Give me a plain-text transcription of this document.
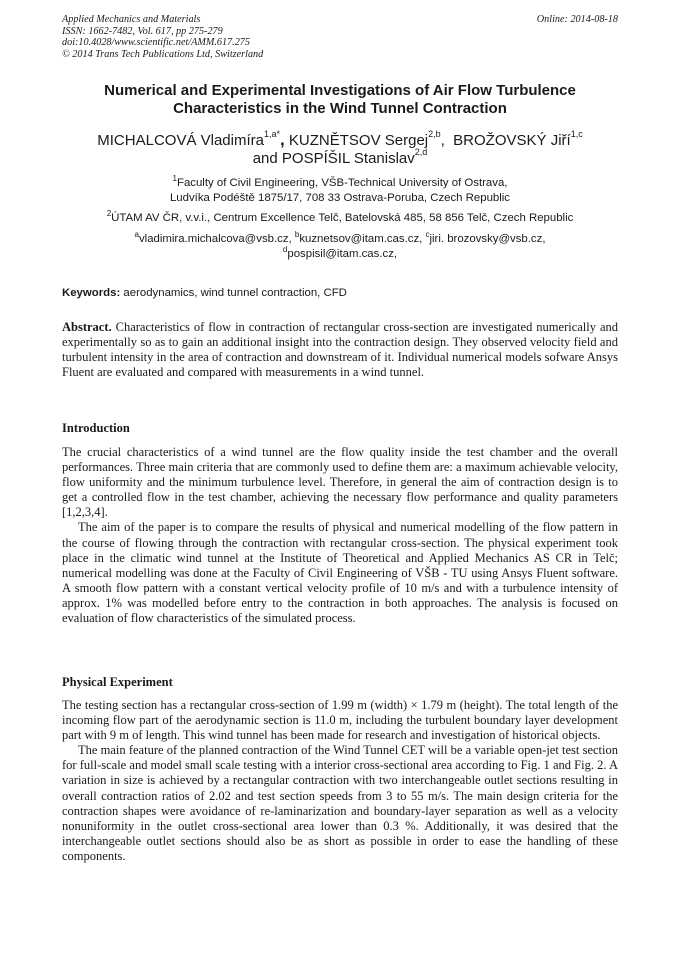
Applied Mechanics and Materials
ISSN: 1662-7482, Vol. 617, pp 275-279
doi:10.4028/www.scientific.net/AMM.617.275
© 2014 Trans Tech Publications Ltd, Switzerland
Online: 2014-08-18
Numerical and Experimental Investigations of Air Flow Turbulence
Characteristics in the Wind Tunnel Contraction
MICHALCOVÁ Vladimíra$^{1,a*}$, KUZNĚTSOV Sergej$^{2,b}$,  BROŽOVSKÝ Jiří$^{1,c}$
and POSPÍŠIL Stanislav$^{2,d}$
$^1$Faculty of Civil Engineering, VŠB-Technical University of Ostrava,
Ludvíka Podéště 1875/17, 708 33 Ostrava-Poruba, Czech Republic
$^2$ÚTAM AV ČR, v.v.i., Centrum Excellence Telč, Batelovská 485, 58 856 Telč, Czech Republic
$^a$vladimira.michalcova@vsb.cz, $^b$kuznetsov@itam.cas.cz, $^c$jiri. brozovsky@vsb.cz,
$^d$pospisil@itam.cas.cz,
Keywords: aerodynamics, wind tunnel contraction, CFD

Abstract. Characteristics of flow in contraction of rectangular cross-section are investigated numerically and experimentally so as to gain an additional insight into the contraction design. They observed velocity field and turbulent intensity in the area of contraction and downstream of it. Individual numerical models sofware Ansys Fluent are evaluated and compared with measurements in a wind tunnel.

Introduction

The crucial characteristics of a wind tunnel are the flow quality inside the test chamber and the overall performances. Three main criteria that are commonly used to define them are: a maximum achievable velocity, flow uniformity and the minimum turbulence level. Therefore, in general the aim of contraction design is to get a controlled flow in the test chamber, achieving the necessary flow performance and quality parameters [1,2,3,4].

The aim of the paper is to compare the results of physical and numerical modelling of the flow pattern in the course of flowing through the contraction with rectangular cross-section. The physical experiment took place in the climatic wind tunnel at the Institute of Theoretical and Applied Mechanics AS CR in Telč; numerical modelling was done at the Faculty of Civil Engineering of VŠB - TU using Ansys Fluent software. A smooth flow pattern with a constant vertical velocity profile of 10 m/s and with a turbulence intensity of approx. 1% was modelled before entry to the contraction in both approaches. The analysis is focused on evaluation of flow characteristics of the simulated process.

Physical Experiment

The testing section has a rectangular cross-section of 1.99 m (width) × 1.79 m (height). The total length of the incoming flow part of the aerodynamic section is 11.0 m, including the turbulent boundary layer development part with 9 m of length. This wind tunnel has been made for research and investigation of historical objects.

The main feature of the planned contraction of the Wind Tunnel CET will be a variable open-jet test section for full-scale and model small scale testing with a interior cross-sectional area according to Fig. 1 and Fig. 2. A variation in size is achieved by a rectangular contraction with two interchangeable outlet sections resulting in overall contraction ratios of 2.02 and test section speeds from 3 to 55 m/s. The main design criteria for the contraction shapes were avoidance of re-laminarization and boundary-layer separation as well as a velocity nonuniformity in the outlet cross-sectional area lower than 0.3 %. Additionally, it was desired that the interchangeable outlet sections should also be as short as possible in order to ease the handling of these components.
